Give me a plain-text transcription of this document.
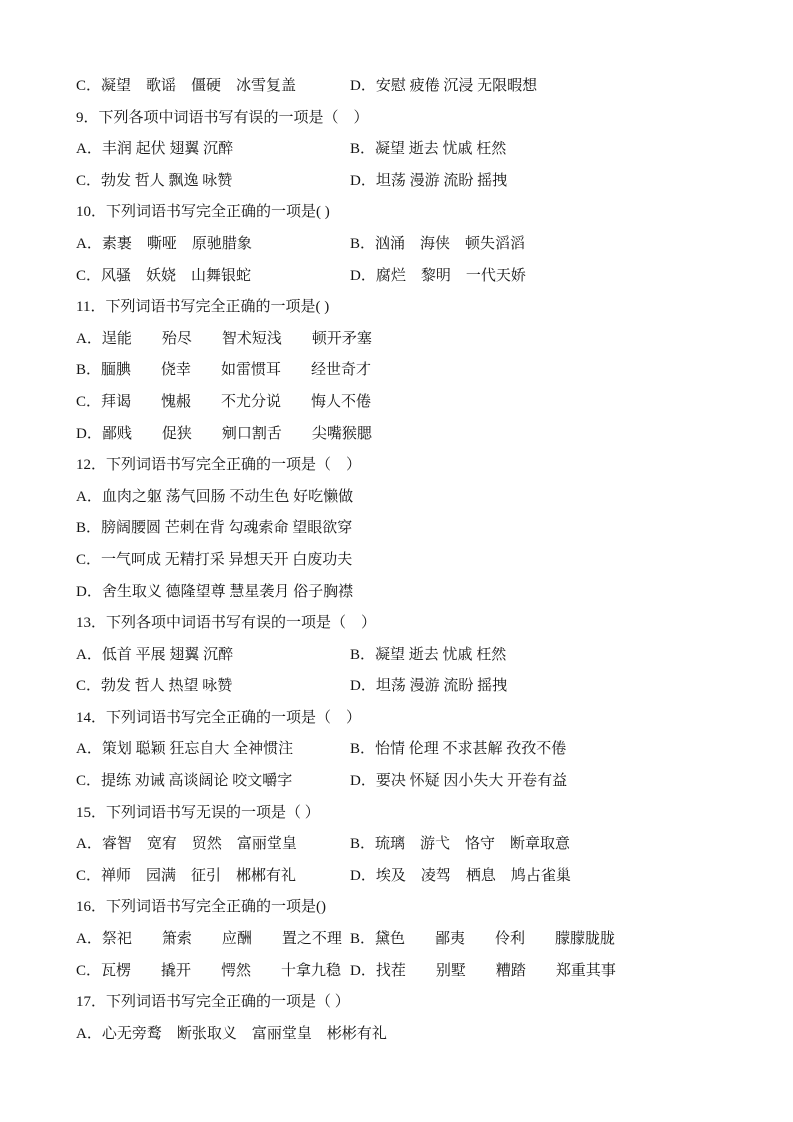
C．凝望　歌谣　僵硬　冰雪复盖	D．安慰 疲倦 沉浸 无限暇想
9．下列各项中词语书写有误的一项是（　）
A．丰润 起伏 翅翼 沉醉	B．凝望 逝去 忧戚 枉然
C．勃发 哲人 飘逸 咏赞	D．坦荡 漫游 流盼 摇拽
10．下列词语书写完全正确的一项是( )
A．素裹　嘶哑　原驰腊象	B．汹涌　海侠　顿失滔滔
C．风骚　妖娆　山舞银蛇	D．腐烂　黎明　一代天娇
11．下列词语书写完全正确的一项是( )
A．逞能　　殆尽　　智术短浅　　顿开矛塞
B．腼腆　　侥幸　　如雷惯耳　　经世奇才
C．拜谒　　愧赧　　不尤分说　　悔人不倦
D．鄙贱　　促狭　　剜口割舌　　尖嘴猴腮
12．下列词语书写完全正确的一项是（　）
A．血肉之躯 荡气回肠 不动生色 好吃懒做
B．膀阔腰圆 芒刺在背 勾魂索命 望眼欲穿
C．一气呵成 无精打采 异想天开 白废功夫
D．舍生取义 德隆望尊 慧星袭月 俗子胸襟
13．下列各项中词语书写有误的一项是（　）
A．低首 平展 翅翼 沉醉	B．凝望 逝去 忧戚 枉然
C．勃发 哲人 热望 咏赞	D．坦荡 漫游 流盼 摇拽
14．下列词语书写完全正确的一项是（　）
A．策划 聪颖 狂忘自大 全神惯注	B．怡情 伦理 不求甚解 孜孜不倦
C．提练 劝诫 高谈阔论 咬文嚼字	D．要决 怀疑 因小失大 开卷有益
15．下列词语书写无误的一项是（ ）
A．睿智　宽宥　贸然　富丽堂皇	B．琉璃　游弋　恪守　断章取意
C．禅师　园满　征引　郴郴有礼	D．埃及　凌驾　栖息　鸠占雀巢
16．下列词语书写完全正确的一项是()
A．祭祀　　箫索　　应酬　　置之不理 B．黛色　　鄙夷　　伶利　　朦朦胧胧
C．瓦楞　　撬开　　愕然　　十拿九稳 D．找茬　　别墅　　糟踏　　郑重其事
17．下列词语书写完全正确的一项是（ ）
A．心无旁鹜　断张取义　富丽堂皇　彬彬有礼
